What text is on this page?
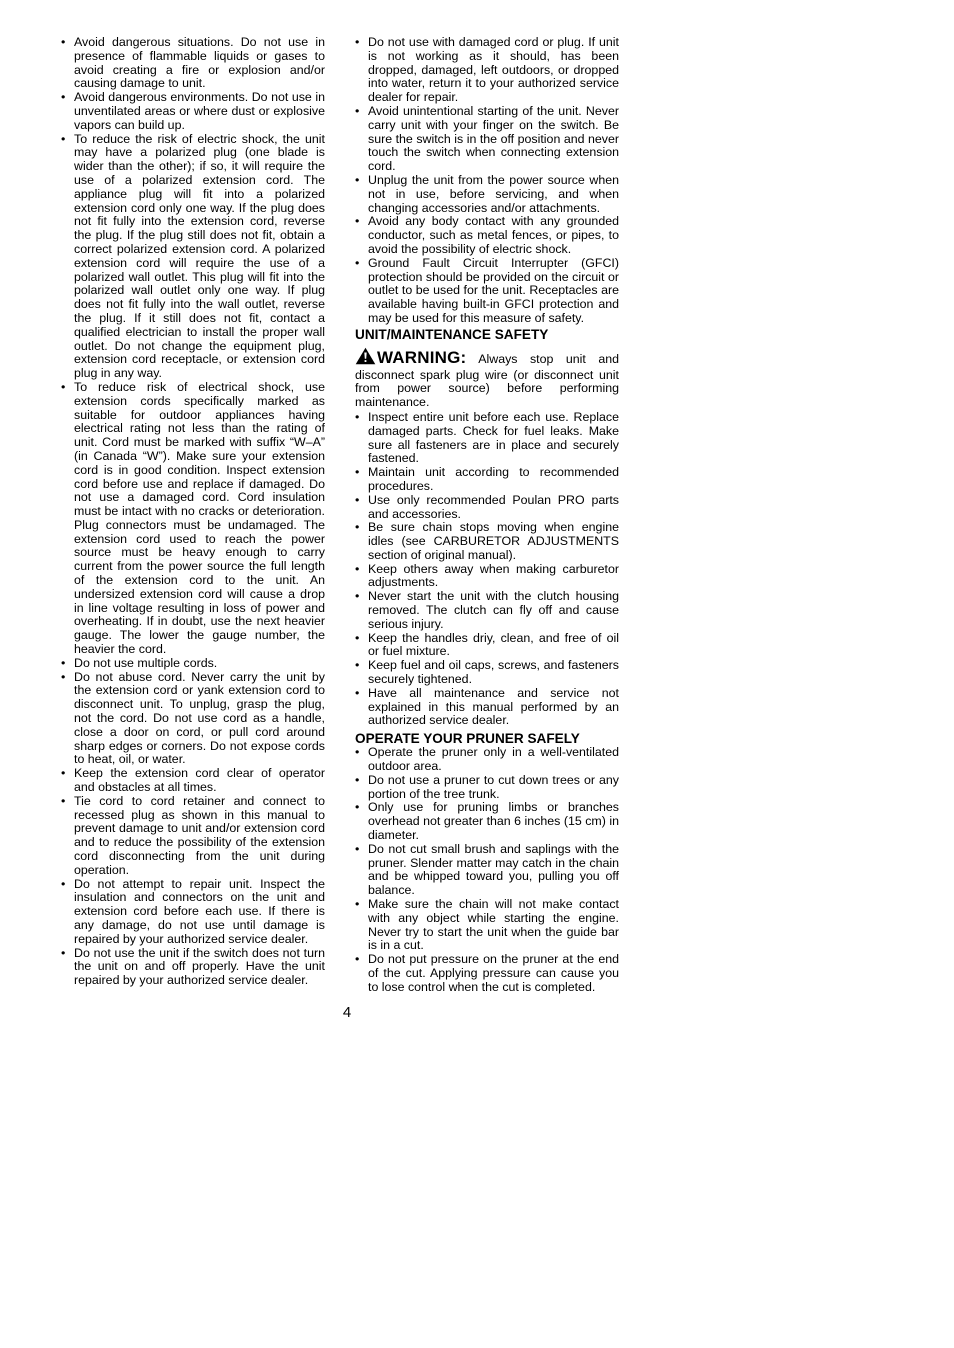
• Avoid dangerous situations. Do not use in presence of flammable liquids or gases to avoid creating a fire or explosion and/or causing damage to unit.
• Avoid dangerous environments. Do not use in unventilated areas or where dust or explosive vapors can build up.
• To reduce the risk of electric shock, the unit may have a polarized plug (one blade is wider than the other); if so, it will require the use of a polarized extension cord. The appliance plug will fit into a polarized extension cord only one way. If the plug does not fit fully into the extension cord, reverse the plug. If the plug still does not fit, obtain a correct polarized extension cord. A polarized extension cord will require the use of a polarized wall outlet. This plug will fit into the polarized wall outlet only one way. If plug does not fit fully into the wall outlet, reverse the plug. If it still does not fit, contact a qualified electrician to install the proper wall outlet. Do not change the equipment plug, extension cord receptacle, or extension cord plug in any way.
• To reduce risk of electrical shock, use extension cords specifically marked as suitable for outdoor appliances having electrical rating not less than the rating of unit. Cord must be marked with suffix “W–A” (in Canada “W”). Make sure your extension cord is in good condition. Inspect extension cord before use and replace if damaged. Do not use a damaged cord. Cord insulation must be intact with no cracks or deterioration. Plug connectors must be undamaged. The extension cord used to reach the power source must be heavy enough to carry current from the power source the full length of the extension cord to the unit. An undersized extension cord will cause a drop in line voltage resulting in loss of power and overheating. If in doubt, use the next heavier gauge. The lower the gauge number, the heavier the cord.
• Do not use multiple cords.
• Do not abuse cord. Never carry the unit by the extension cord or yank extension cord to disconnect unit. To unplug, grasp the plug, not the cord. Do not use cord as a handle, close a door on cord, or pull cord around sharp edges or corners. Do not expose cords to heat, oil, or water.
• Keep the extension cord clear of operator and obstacles at all times.
• Tie cord to cord retainer and connect to recessed plug as shown in this manual to prevent damage to unit and/or extension cord and to reduce the possibility of the extension cord disconnecting from the unit during operation.
• Do not attempt to repair unit. Inspect the insulation and connectors on the unit and extension cord before each use. If there is any damage, do not use until damage is repaired by your authorized service dealer.
• Do not use the unit if the switch does not turn the unit on and off properly. Have the unit repaired by your authorized service dealer.
• Do not use with damaged cord or plug. If unit is not working as it should, has been dropped, damaged, left outdoors, or dropped into water, return it to your authorized service dealer for repair.
• Avoid unintentional starting of the unit. Never carry unit with your finger on the switch. Be sure the switch is in the off position and never touch the switch when connecting extension cord.
• Unplug the unit from the power source when not in use, before servicing, and when changing accessories and/or attachments.
• Avoid any body contact with any grounded conductor, such as metal fences, or pipes, to avoid the possibility of electric shock.
• Ground Fault Circuit Interrupter (GFCI) protection should be provided on the circuit or outlet to be used for the unit. Receptacles are available having built-in GFCI protection and may be used for this measure of safety.
UNIT/MAINTENANCE SAFETY
WARNING: Always stop unit and disconnect spark plug wire (or disconnect unit from power source) before performing maintenance.
• Inspect entire unit before each use. Replace damaged parts. Check for fuel leaks. Make sure all fasteners are in place and securely fastened.
• Maintain unit according to recommended procedures.
• Use only recommended Poulan PRO parts and accessories.
• Be sure chain stops moving when engine idles (see CARBURETOR ADJUSTMENTS section of original manual).
• Keep others away when making carburetor adjustments.
• Never start the unit with the clutch housing removed. The clutch can fly off and cause serious injury.
• Keep the handles driy, clean, and free of oil or fuel mixture.
• Keep fuel and oil caps, screws, and fasteners securely tightened.
• Have all maintenance and service not explained in this manual performed by an authorized service dealer.
OPERATE YOUR PRUNER SAFELY
• Operate the pruner only in a well-ventilated outdoor area.
• Do not use a pruner to cut down trees or any portion of the tree trunk.
• Only use for pruning limbs or branches overhead not greater than 6 inches (15 cm) in diameter.
• Do not cut small brush and saplings with the pruner. Slender matter may catch in the chain and be whipped toward you, pulling you off balance.
• Make sure the chain will not make contact with any object while starting the engine. Never try to start the unit when the guide bar is in a cut.
• Do not put pressure on the pruner at the end of the cut. Applying pressure can cause you to lose control when the cut is completed.
4
